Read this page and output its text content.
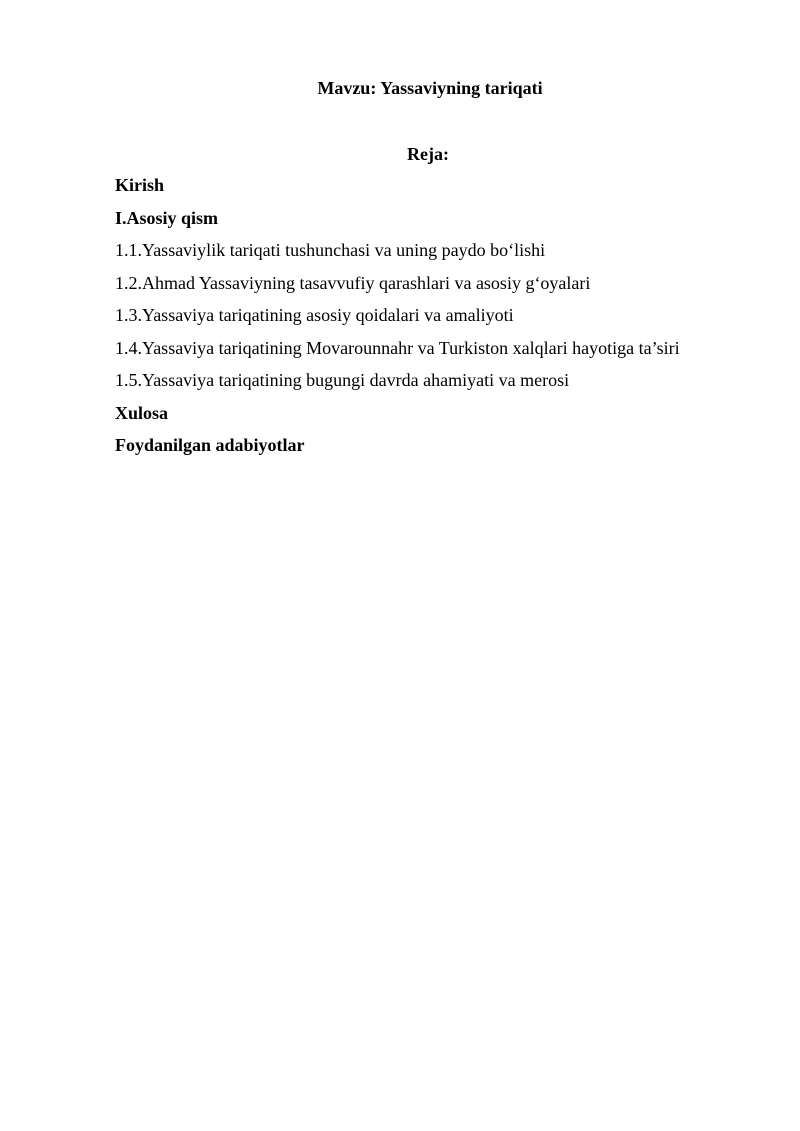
Mavzu: Yassaviyning tariqati
Reja:
Kirish
I.Asosiy qism
1.1.Yassaviylik tariqati tushunchasi va uning paydo bo‘lishi
1.2.Ahmad Yassaviyning tasavvufiy qarashlari va asosiy g‘oyalari
1.3.Yassaviya tariqatining asosiy qoidalari va amaliyoti
1.4.Yassaviya tariqatining Movarounnahr va Turkiston xalqlari hayotiga ta’siri
1.5.Yassaviya tariqatining bugungi davrda ahamiyati va merosi
Xulosa
Foydanilgan adabiyotlar
